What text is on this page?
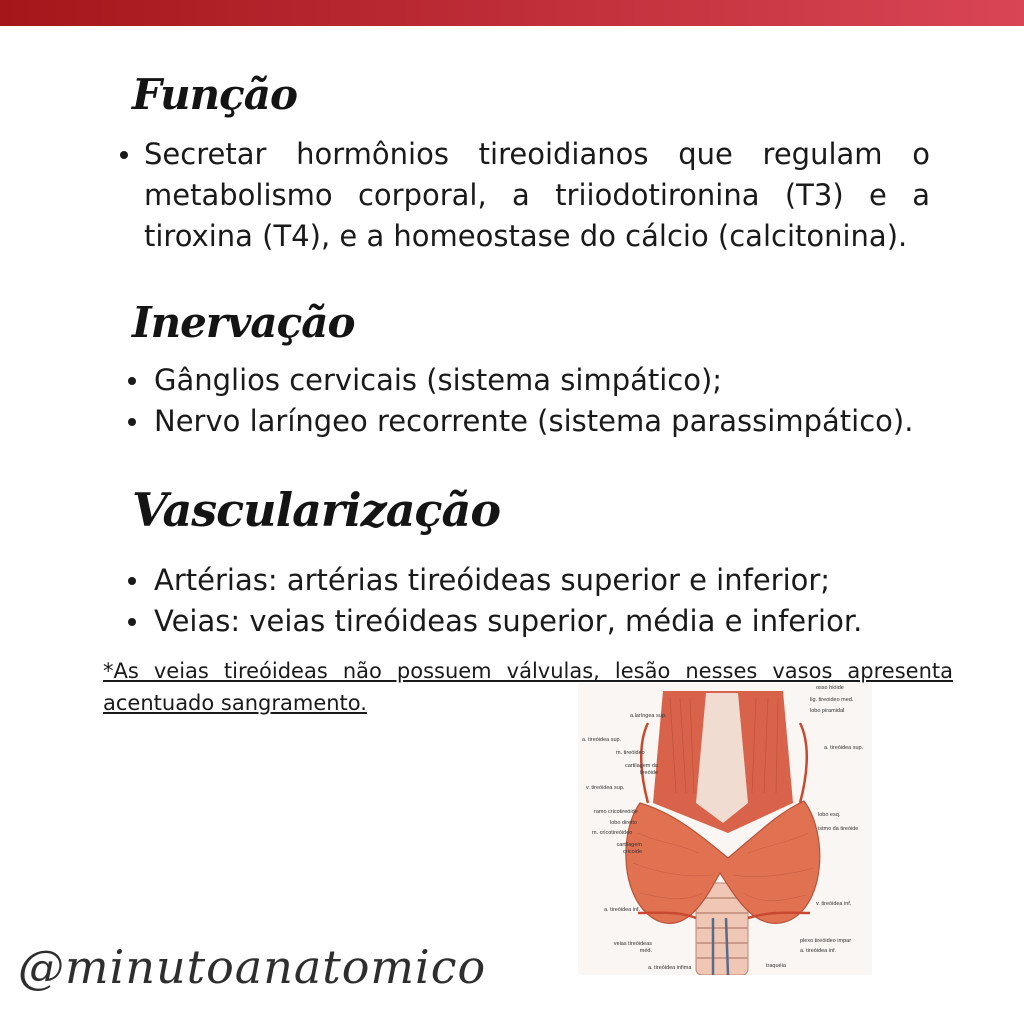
Função
Secretar hormônios tireoidianos que regulam o metabolismo corporal, a triiodotironina (T3) e a tiroxina (T4), e a homeostase do cálcio (calcitonina).
Inervação
Gânglios cervicais (sistema simpático);
Nervo laríngeo recorrente (sistema parassimpático).
Vascularização
Artérias: artérias tireóideas superior e inferior;
Veias: veias tireóideas superior, média e inferior.
*As veias tireóideas não possuem válvulas, lesão nesses vasos apresenta acentuado sangramento.
a.laríngea sup.
a. tireóidea sup.
m. tireóideo
cartilagem da tireóide
v. tireóidea sup.
ramo cricotireóide
lobo direito
m. cricotireóideo
cartilagem cricoide
a. tireóidea inf.
veias tireóideas méd.
osso hióide
lig. tireoideo med.
lobo piramidal
a. tireóidea sup.
lobo esq.
istmo da tireóide
v. tireóidea inf.
plexo tireóideo impar
a. tireóidea inf.
a. tireóidea infima	traquéia
@minutoanatomico
